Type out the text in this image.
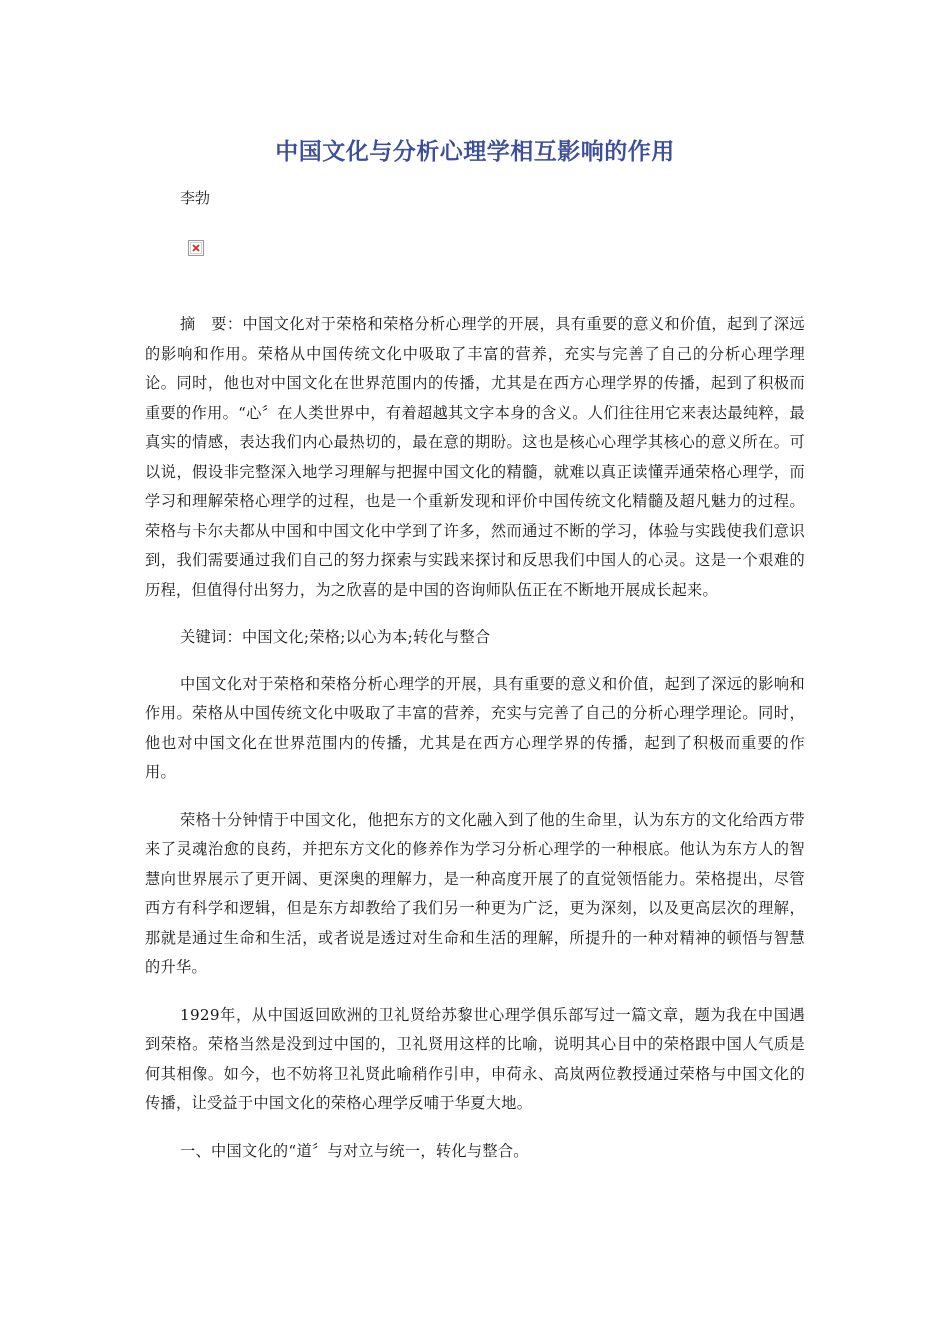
中国文化与分析心理学相互影响的作用
李勃

摘　要：中国文化对于荣格和荣格分析心理学的开展，具有重要的意义和价值，起到了深远的影响和作用。荣格从中国传统文化中吸取了丰富的营养，充实与完善了自己的分析心理学理论。同时，他也对中国文化在世界范围内的传播，尤其是在西方心理学界的传播，起到了积极而重要的作用。“心〞在人类世界中，有着超越其文字本身的含义。人们往往用它来表达最纯粹，最真实的情感，表达我们内心最热切的，最在意的期盼。这也是核心心理学其核心的意义所在。可以说，假设非完整深入地学习理解与把握中国文化的精髓，就难以真正读懂弄通荣格心理学，而学习和理解荣格心理学的过程，也是一个重新发现和评价中国传统文化精髓及超凡魅力的过程。荣格与卡尔夫都从中国和中国文化中学到了许多，然而通过不断的学习，体验与实践使我们意识到，我们需要通过我们自己的努力探索与实践来探讨和反思我们中国人的心灵。这是一个艰难的历程，但值得付出努力，为之欣喜的是中国的咨询师队伍正在不断地开展成长起来。

关键词：中国文化;荣格;以心为本;转化与整合

中国文化对于荣格和荣格分析心理学的开展，具有重要的意义和价值，起到了深远的影响和作用。荣格从中国传统文化中吸取了丰富的营养，充实与完善了自己的分析心理学理论。同时，他也对中国文化在世界范围内的传播，尤其是在西方心理学界的传播，起到了积极而重要的作用。

荣格十分钟情于中国文化，他把东方的文化融入到了他的生命里，认为东方的文化给西方带来了灵魂治愈的良药，并把东方文化的修养作为学习分析心理学的一种根底。他认为东方人的智慧向世界展示了更开阔、更深奥的理解力，是一种高度开展了的直觉领悟能力。荣格提出，尽管西方有科学和逻辑，但是东方却教给了我们另一种更为广泛，更为深刻，以及更高层次的理解，那就是通过生命和生活，或者说是透过对生命和生活的理解，所提升的一种对精神的顿悟与智慧的升华。

1929年，从中国返回欧洲的卫礼贤给苏黎世心理学俱乐部写过一篇文章，题为我在中国遇到荣格。荣格当然是没到过中国的，卫礼贤用这样的比喻，说明其心目中的荣格跟中国人气质是何其相像。如今，也不妨将卫礼贤此喻稍作引申，申荷永、高岚两位教授通过荣格与中国文化的传播，让受益于中国文化的荣格心理学反哺于华夏大地。

一、中国文化的“道〞与对立与统一，转化与整合。
